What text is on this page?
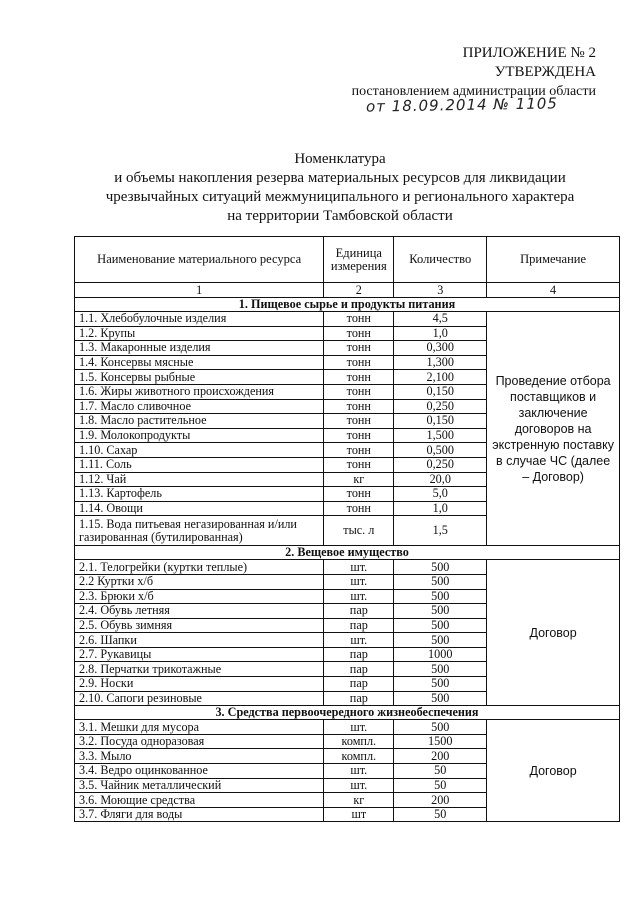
ПРИЛОЖЕНИЕ № 2
УТВЕРЖДЕНА
постановлением администрации области
от 18.09.2014 № 1105
Номенклатура
и объемы накопления резерва материальных ресурсов для ликвидации
чрезвычайных ситуаций межмуниципального и регионального характера
на территории Тамбовской области
Наименование материального ресурса	Единица измерения	Количество	Примечание
1	2	3	4
1. Пищевое сырье и продукты питания			
1.1. Хлебобулочные изделия	тонн	4,5	Проведение отбора поставщиков и заключение договоров на экстренную поставку в случае ЧС (далее – Договор)
1.2. Крупы	тонн	1,0	
1.3. Макаронные изделия	тонн	0,300	
1.4. Консервы мясные	тонн	1,300	
1.5. Консервы рыбные	тонн	2,100	
1.6. Жиры животного происхождения	тонн	0,150	
1.7. Масло сливочное	тонн	0,250	
1.8. Масло растительное	тонн	0,150	
1.9. Молокопродукты	тонн	1,500	
1.10. Сахар	тонн	0,500	
1.11. Соль	тонн	0,250	
1.12. Чай	кг	20,0	
1.13. Картофель	тонн	5,0	
1.14. Овощи	тонн	1,0	
1.15. Вода питьевая негазированная и/или газированная (бутилированная)	тыс. л	1,5	
2. Вещевое имущество			
2.1. Телогрейки (куртки теплые)	шт.	500	Договор
2.2 Куртки х/б	шт.	500	
2.3. Брюки х/б	шт.	500	
2.4. Обувь летняя	пар	500	
2.5. Обувь зимняя	пар	500	
2.6. Шапки	шт.	500	
2.7. Рукавицы	пар	1000	
2.8. Перчатки трикотажные	пар	500	
2.9. Носки	пар	500	
2.10. Сапоги резиновые	пар	500	
3. Средства первоочередного жизнеобеспечения			
3.1. Мешки для мусора	шт.	500	Договор
3.2. Посуда одноразовая	компл.	1500	
3.3. Мыло	компл.	200	
3.4. Ведро оцинкованное	шт.	50	
3.5. Чайник металлический	шт.	50	
3.6. Моющие средства	кг	200	
3.7. Фляги для воды	шт	50	
